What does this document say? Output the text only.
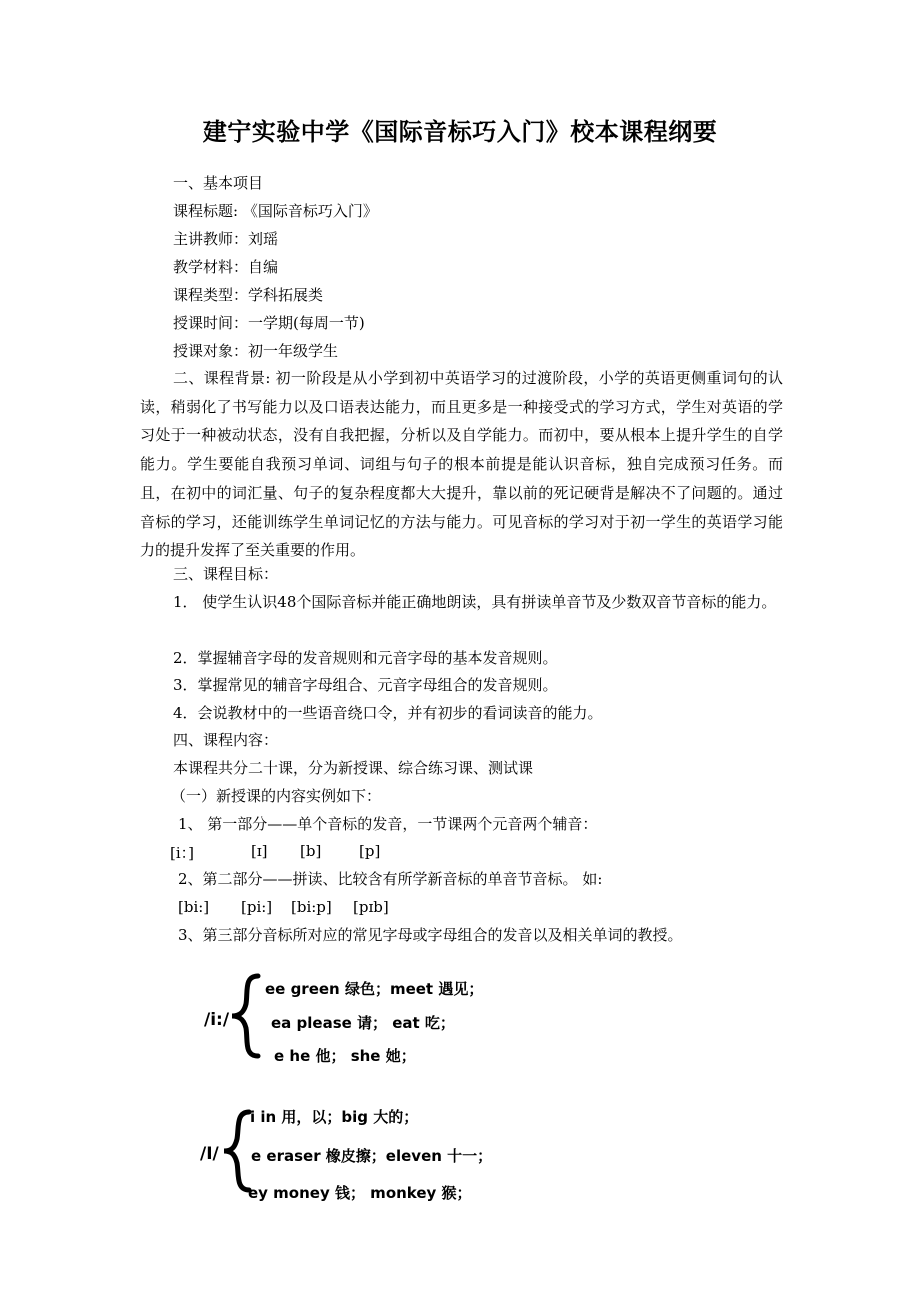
建宁实验中学《国际音标巧入门》校本课程纲要
一、基本项目
课程标题: 《国际音标巧入门》
主讲教师：刘瑶
教学材料：自编
课程类型：学科拓展类
授课时间：一学期(每周一节)
授课对象：初一年级学生

二、课程背景: 初一阶段是从小学到初中英语学习的过渡阶段，小学的英语更侧重词句的认读，稍弱化了书写能力以及口语表达能力，而且更多是一种接受式的学习方式，学生对英语的学习处于一种被动状态，没有自我把握，分析以及自学能力。而初中，要从根本上提升学生的自学能力。学生要能自我预习单词、词组与句子的根本前提是能认识音标，独自完成预习任务。而且，在初中的词汇量、句子的复杂程度都大大提升，靠以前的死记硬背是解决不了问题的。通过音标的学习，还能训练学生单词记忆的方法与能力。可见音标的学习对于初一学生的英语学习能力的提升发挥了至关重要的作用。

三、课程目标：

1． 使学生认识48个国际音标并能正确地朗读，具有拼读单音节及少数双音节音标的能力。

2．掌握辅音字母的发音规则和元音字母的基本发音规则。
3．掌握常见的辅音字母组合、元音字母组合的发音规则。
4．会说教材中的一些语音绕口令，并有初步的看词读音的能力。
四、课程内容：
本课程共分二十课，分为新授课、综合练习课、测试课
（一）新授课的内容实例如下：
1、 第一部分——单个音标的发音，一节课两个元音两个辅音：
[i：]	[ɪ] [b]	[p]
2、第二部分——拼读、比较含有所学新音标的单音节音标。 如:
[bi:] [pi:] [bi:p] [pɪb]
3、第三部分音标所对应的常见字母或字母组合的发音以及相关单词的教授。
/i:/
ee green 绿色；meet 遇见；
ea please 请； eat 吃；
e he 他； she 她；
/I/
i in 用，以；big 大的；
e eraser 橡皮擦；eleven 十一；
ey money 钱； monkey 猴；
